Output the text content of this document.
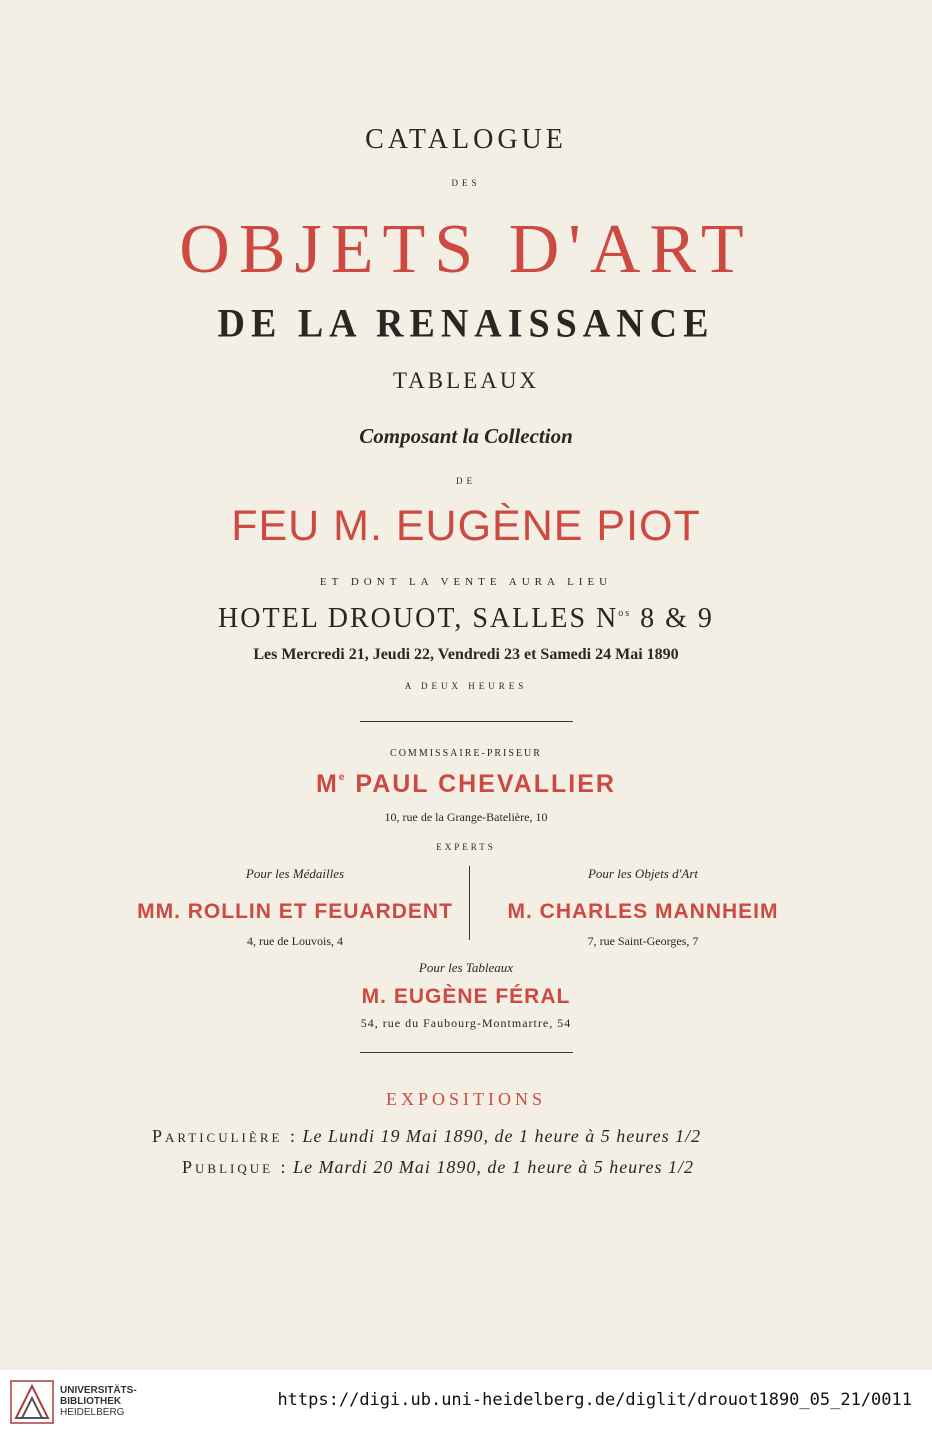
CATALOGUE
DES
OBJETS D'ART
DE LA RENAISSANCE
TABLEAUX
Composant la Collection
DE
FEU M. EUGÈNE PIOT
ET DONT LA VENTE AURA LIEU
HOTEL DROUOT, SALLES $N^{os}$ 8 & 9
Les Mercredi 21, Jeudi 22, Vendredi 23 et Samedi 24 Mai 1890
A DEUX HEURES
COMMISSAIRE-PRISEUR
Me PAUL CHEVALLIER
10, rue de la Grange-Batelière, 10
EXPERTS
Pour les Médailles
MM. ROLLIN ET FEUARDENT
4, rue de Louvois, 4
Pour les Objets d'Art
M. CHARLES MANNHEIM
7, rue Saint-Georges, 7
Pour les Tableaux
M. EUGÈNE FÉRAL
54, rue du Faubourg-Montmartre, 54
EXPOSITIONS
Particulière : Le Lundi 19 Mai 1890, de 1 heure à 5 heures 1/2
Publique : Le Mardi 20 Mai 1890, de 1 heure à 5 heures 1/2
UNIVERSITÄTS-
BIBLIOTHEK
HEIDELBERG
https://digi.ub.uni-heidelberg.de/diglit/drouot1890_05_21/0011
